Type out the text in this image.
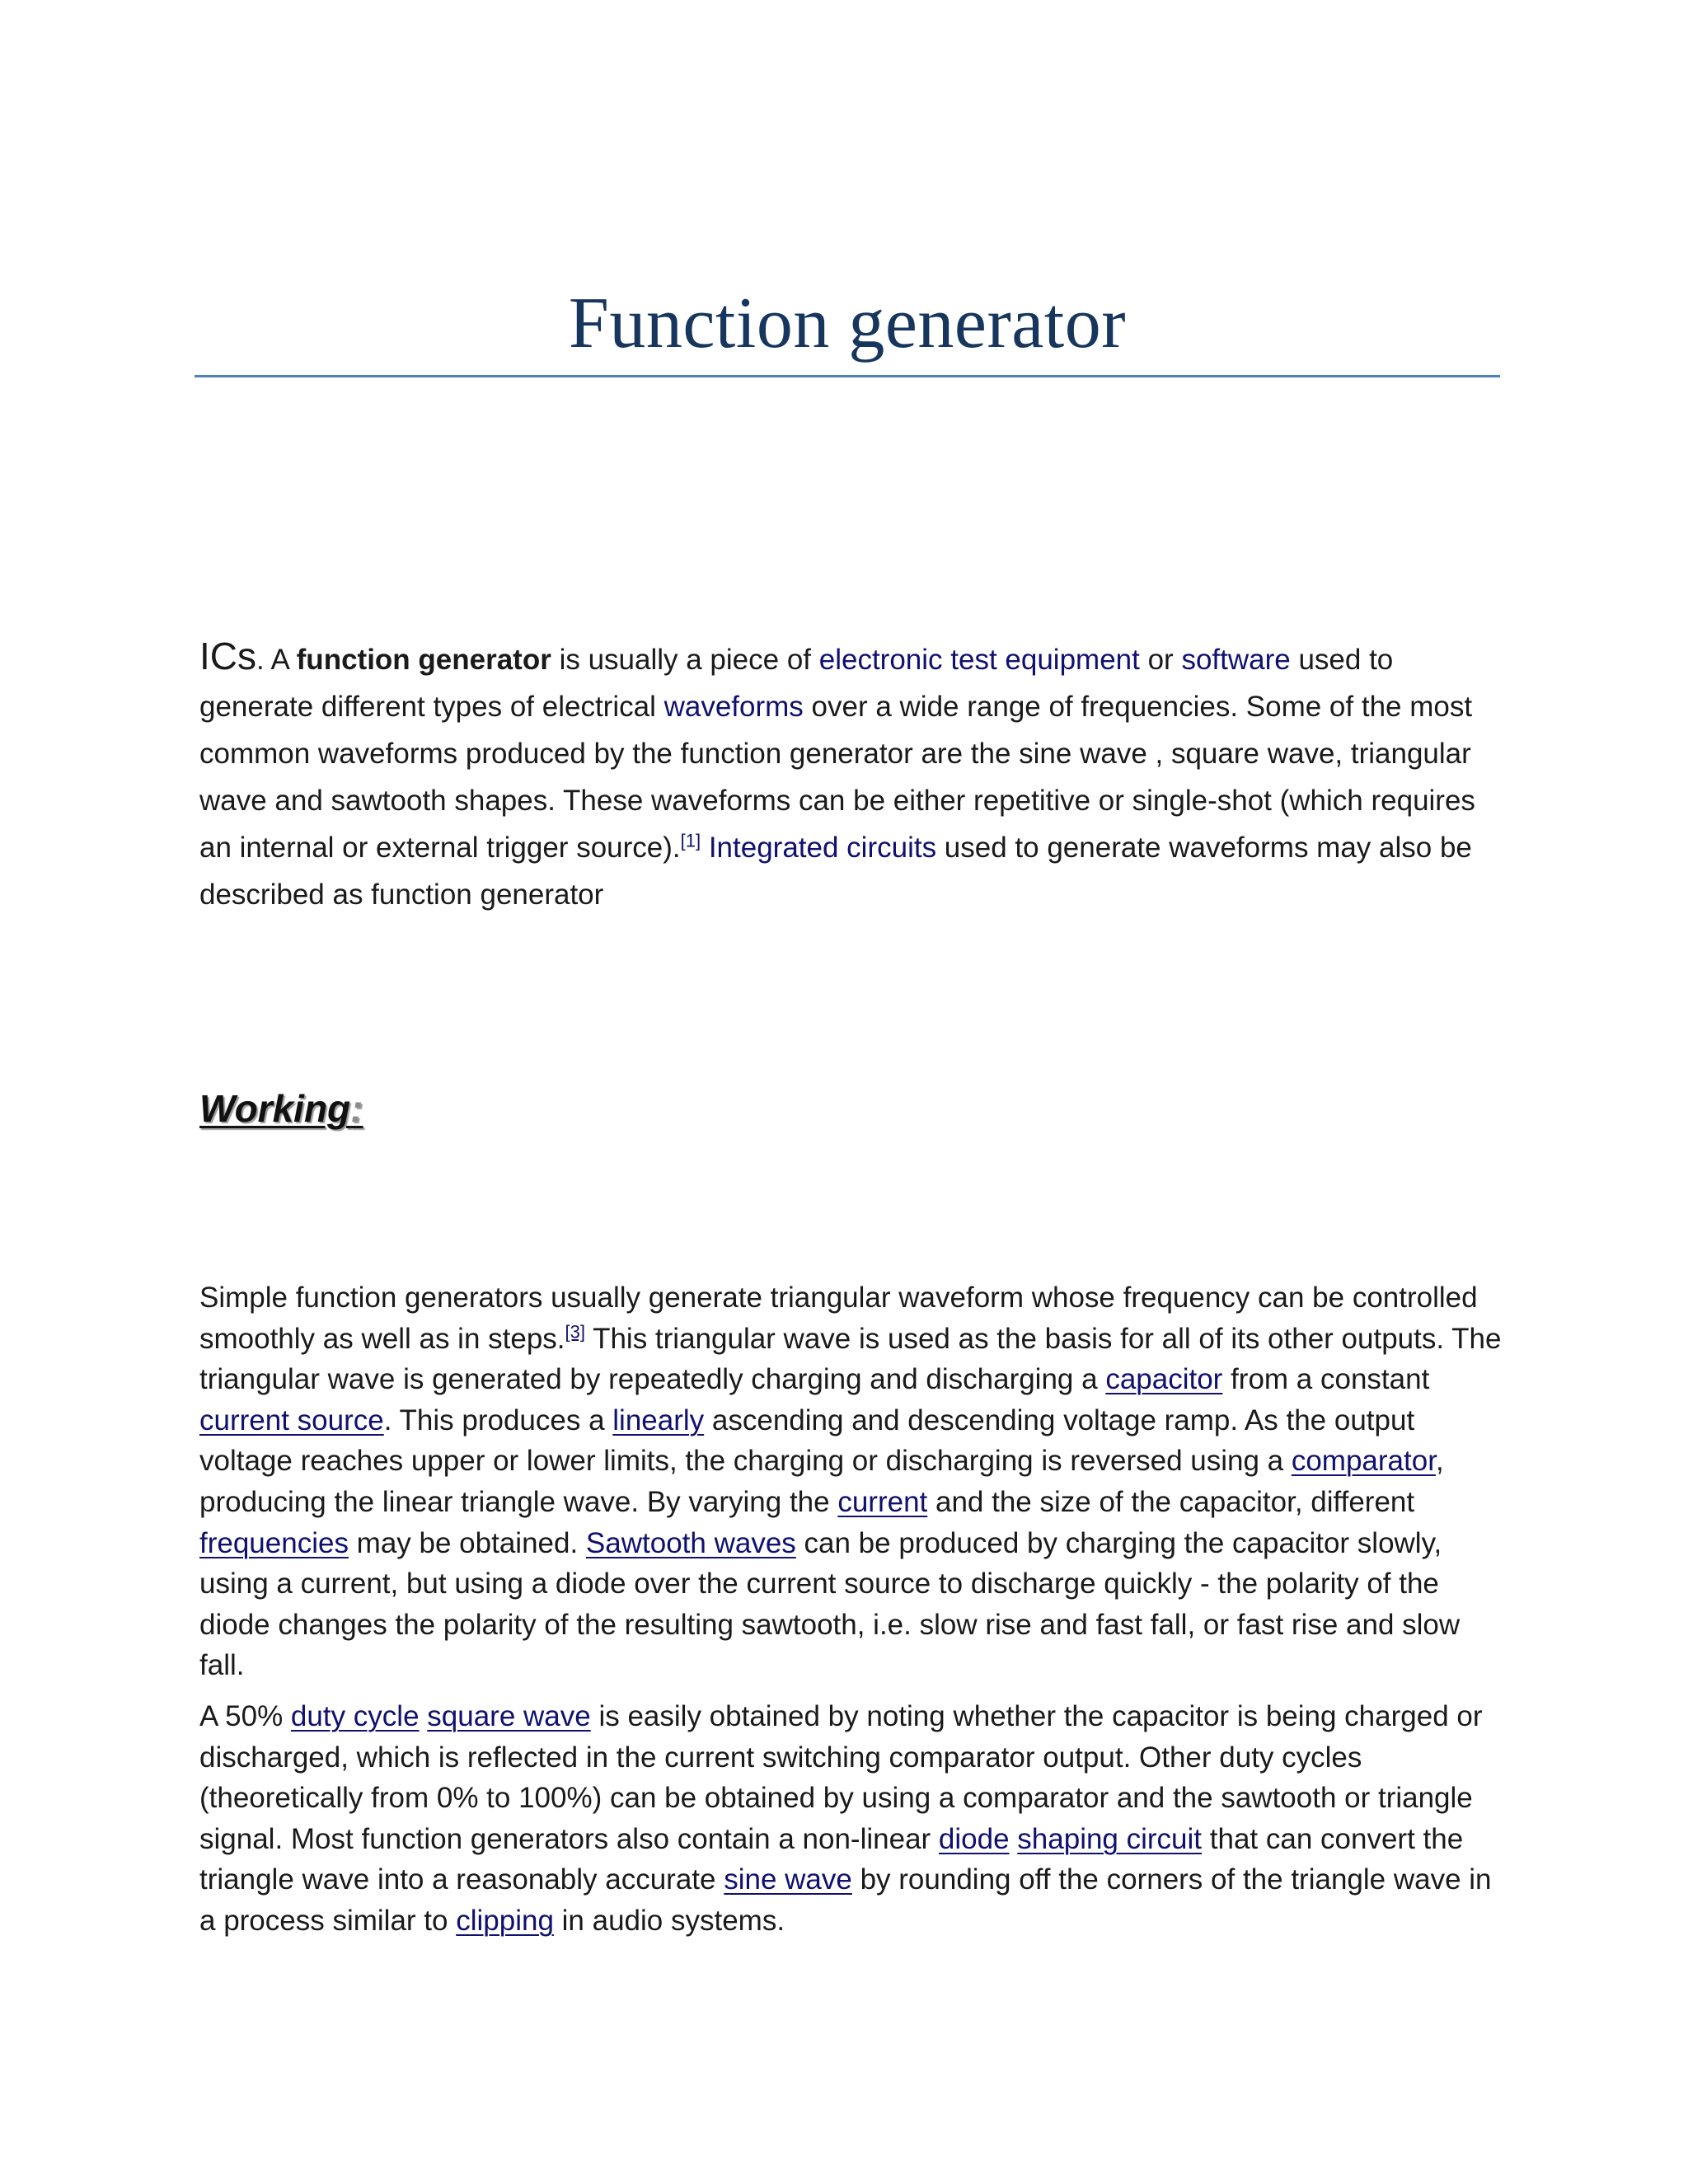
Function generator
ICs. A function generator is usually a piece of electronic test equipment or software used to generate different types of electrical waveforms over a wide range of frequencies. Some of the most common waveforms produced by the function generator are the sine wave , square wave, triangular wave and sawtooth shapes. These waveforms can be either repetitive or single-shot (which requires an internal or external trigger source).[1] Integrated circuits used to generate waveforms may also be described as function generator
Working:
Simple function generators usually generate triangular waveform whose frequency can be controlled smoothly as well as in steps.[3] This triangular wave is used as the basis for all of its other outputs. The triangular wave is generated by repeatedly charging and discharging a capacitor from a constant current source. This produces a linearly ascending and descending voltage ramp. As the output voltage reaches upper or lower limits, the charging or discharging is reversed using a comparator, producing the linear triangle wave. By varying the current and the size of the capacitor, different frequencies may be obtained. Sawtooth waves can be produced by charging the capacitor slowly, using a current, but using a diode over the current source to discharge quickly - the polarity of the diode changes the polarity of the resulting sawtooth, i.e. slow rise and fast fall, or fast rise and slow fall.
A 50% duty cycle square wave is easily obtained by noting whether the capacitor is being charged or discharged, which is reflected in the current switching comparator output. Other duty cycles (theoretically from 0% to 100%) can be obtained by using a comparator and the sawtooth or triangle signal. Most function generators also contain a non-linear diode shaping circuit that can convert the triangle wave into a reasonably accurate sine wave by rounding off the corners of the triangle wave in a process similar to clipping in audio systems.
